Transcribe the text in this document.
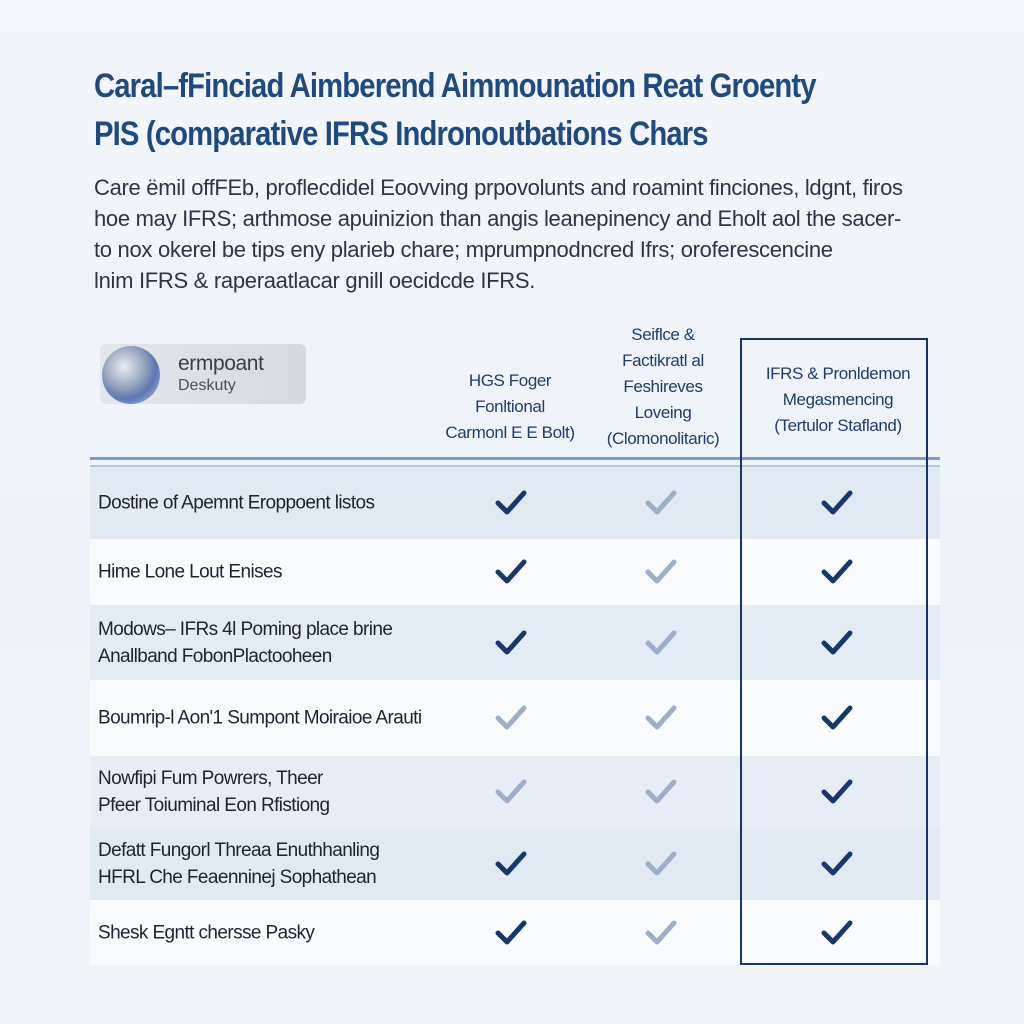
Caral–fFinciad Aimberend Aimmounation Reat Groenty
PIS (comparative IFRS Indronoutbations Chars

Care ëmil offFEb, proflecdidel Eoovving prpovolunts and roamint finciones, ldgnt, firos
hoe may IFRS; arthmose apuinizion than angis leanepinency and Eholt aol the sacer-
to nox okerel be tips eny plarieb chare; mprumpnodncred Ifrs; oroferescencine
lnim IFRS & raperaatlacar gnill oecidcde IFRS.

ermpoant
Deskuty	HGS Foger
Fonltional
Carmonl E E Bolt)
Seiflce &
Factikratl al
Feshireves
Loveing
(Clomonolitaric)
IFRS & Pronldemon
Megasmencing
(Tertulor Stafland)
Dostine of Apemnt Eroppoent listos
Hime Lone Lout Enises
Modows– IFRs 4l Poming place brine
Anallband FobonPlactooheen
Boumrip-l Aon'1 Sumpont Moiraioe Arauti
Nowfipi Fum Powrers, Theer
Pfeer Toiuminal Eon Rfistiong
Defatt Fungorl Threaa Enuthhanling
HFRL Che Feaenninej Sophathean
Shesk Egntt chersse Pasky
